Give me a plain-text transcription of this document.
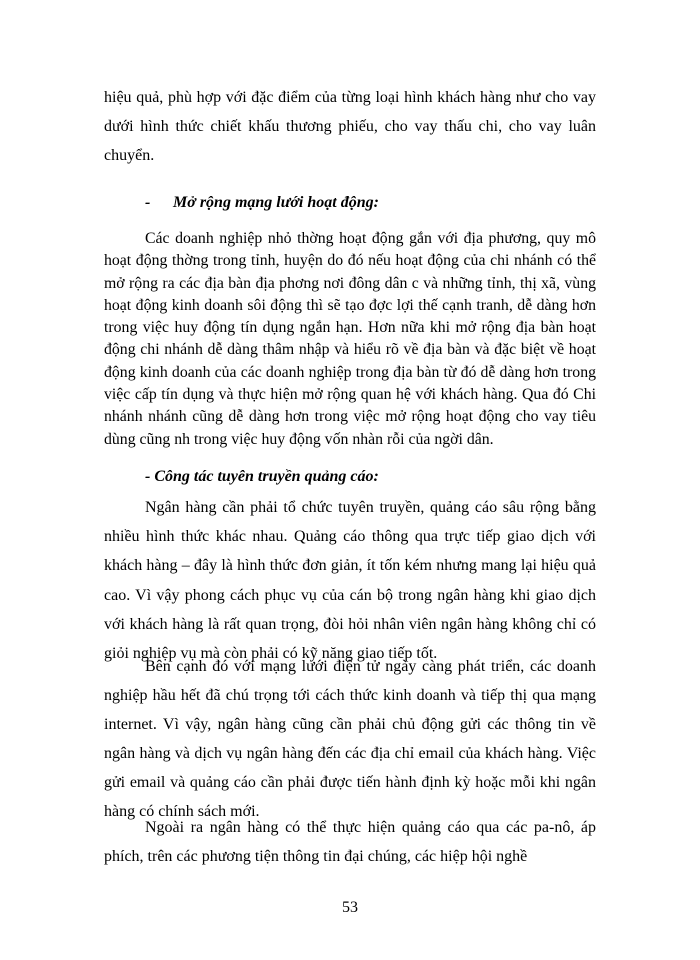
hiệu quả, phù hợp với đặc điểm của từng loại hình khách hàng như cho vay dưới hình thức chiết khấu thương phiếu, cho vay thấu chi, cho vay luân chuyển.

- Mở rộng mạng lưới hoạt động:

Các doanh nghiệp nhỏ thờng hoạt động gắn với địa phương, quy mô hoạt động thờng trong tỉnh, huyện do đó nếu hoạt động của chi nhánh có thể mở rộng ra các địa bàn địa phơng nơi đông dân c và những tỉnh, thị xã, vùng hoạt động kinh doanh sôi động thì sẽ tạo đợc lợi thế cạnh tranh, dễ dàng hơn trong việc huy động tín dụng ngắn hạn. Hơn nữa khi mở rộng địa bàn hoạt động chi nhánh dễ dàng thâm nhập và hiểu rõ về địa bàn và đặc biệt về hoạt động kinh doanh của các doanh nghiệp trong địa bàn từ đó dễ dàng hơn trong việc cấp tín dụng và thực hiện mở rộng quan hệ với khách hàng. Qua đó Chi nhánh nhánh cũng dễ dàng hơn trong việc mở rộng hoạt động cho vay tiêu dùng cũng nh trong việc huy động vốn nhàn rỗi của ngời dân.

- Công tác tuyên truyền quảng cáo:

Ngân hàng cần phải tổ chức tuyên truyền, quảng cáo sâu rộng bằng nhiều hình thức khác nhau. Quảng cáo thông qua trực tiếp giao dịch với khách hàng – đây là hình thức đơn giản, ít tốn kém nhưng mang lại hiệu quả cao. Vì vậy phong cách phục vụ của cán bộ trong ngân hàng khi giao dịch với khách hàng là rất quan trọng, đòi hỏi nhân viên ngân hàng không chỉ có giỏi nghiệp vụ mà còn phải có kỹ năng giao tiếp tốt.

Bên cạnh đó với mạng lưới điện tử ngày càng phát triển, các doanh nghiệp hầu hết đã chú trọng tới cách thức kinh doanh và tiếp thị qua mạng internet. Vì vậy, ngân hàng cũng cần phải chủ động gửi các thông tin về ngân hàng và dịch vụ ngân hàng đến các địa chỉ email của khách hàng. Việc gửi email và quảng cáo cần phải được tiến hành định kỳ hoặc mỗi khi ngân hàng có chính sách mới.

Ngoài ra ngân hàng có thể thực hiện quảng cáo qua các pa-nô, áp phích, trên các phương tiện thông tin đại chúng, các hiệp hội nghề

53
